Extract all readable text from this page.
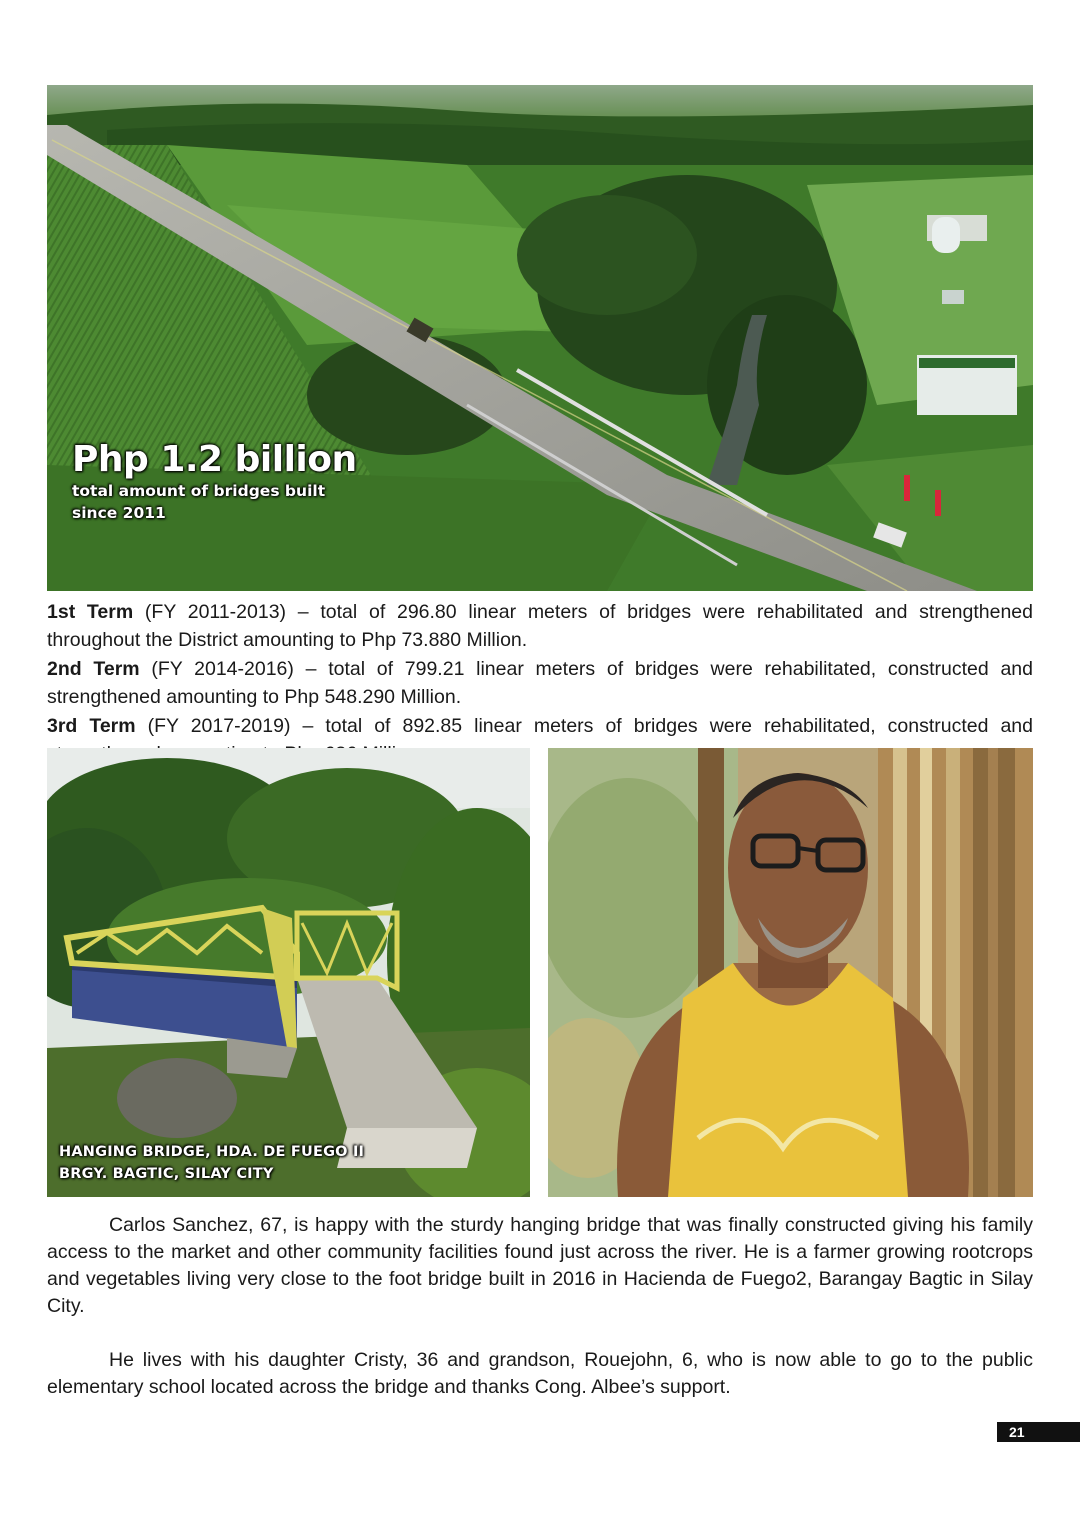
Php 1.2 billion
total amount of bridges built since 2011
1st Term (FY 2011-2013) – total of 296.80 linear meters of bridges were rehabilitated and strengthened throughout the District amounting to Php 73.880 Million.
2nd Term (FY 2014-2016) – total of 799.21 linear meters of bridges were rehabilitated, constructed and strengthened amounting to Php 548.290 Million.
3rd Term (FY 2017-2019) – total of 892.85 linear meters of bridges were rehabilitated, constructed and
HANGING BRIDGE, HDA. DE FUEGO II
BRGY. BAGTIC, SILAY CITY

Carlos Sanchez, 67, is happy with the sturdy hanging bridge that was finally constructed giving his family access to the market and other community facilities found just across the river. He is a farmer growing rootcrops and vegetables living very close to the foot bridge built in 2016 in Hacienda de Fuego2, Barangay Bagtic in Silay City.

He lives with his daughter Cristy, 36 and grandson, Rouejohn, 6, who is now able to go to the public elementary school located across the bridge and thanks Cong. Albee’s support.

21
